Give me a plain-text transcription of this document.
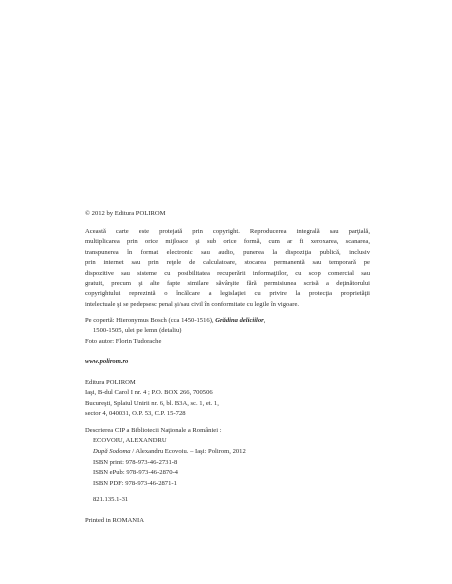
© 2012 by Editura POLIROM
Această carte este protejată prin copyright. Reproducerea integrală sau parţială,
multiplicarea prin orice mijloace şi sub orice formă, cum ar fi xeroxarea, scanarea,
transpunerea în format electronic sau audio, punerea la dispoziţia publică, inclusiv
prin internet sau prin reţele de calculatoare, stocarea permanentă sau temporară pe
dispozitive sau sisteme cu posibilitatea recuperării informaţiilor, cu scop comercial sau
gratuit, precum şi alte fapte similare săvârşite fără permisiunea scrisă a deţinătorului
copyrightului reprezintă o încălcare a legislaţiei cu privire la protecţia proprietăţii
intelectuale şi se pedepsesc penal şi/sau civil în conformitate cu legile în vigoare.
Pe copertă: Hieronymus Bosch (cca 1450-1516), Grădina deliciilor,
1500-1505, ulei pe lemn (detaliu)
Foto autor: Florin Tudorache
www.polirom.ro
Editura POLIROM
Iaşi, B-dul Carol I nr. 4 ; P.O. BOX 266, 700506
Bucureşti, Splaiul Unirii nr. 6, bl. B3A, sc. 1, et. 1,
sector 4, 040031, O.P. 53, C.P. 15-728
Descrierea CIP a Bibliotecii Naţionale a României :
ECOVOIU, ALEXANDRU
După Sodoma / Alexandru Ecovoiu. – Iaşi: Polirom, 2012
ISBN print: 978-973-46-2731-8
ISBN ePub: 978-973-46-2870-4
ISBN PDF: 978-973-46-2871-1
821.135.1-31
Printed in ROMANIA
